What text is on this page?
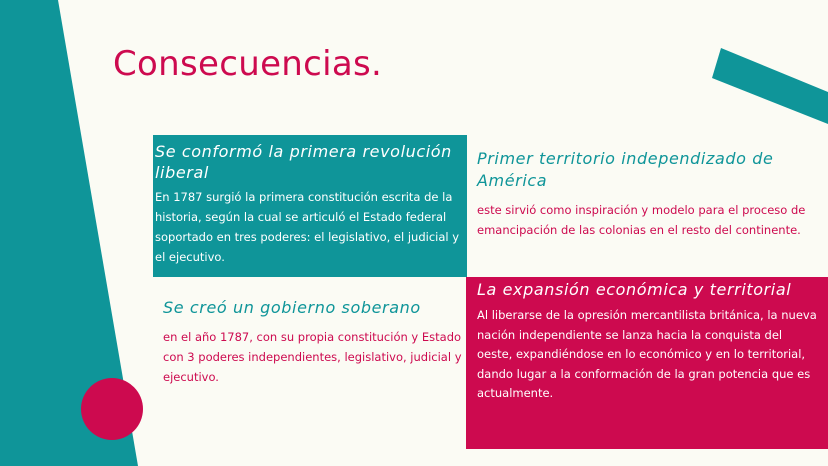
Consecuencias.
Se conformó la primera revolución liberal

En 1787 surgió la primera constitución escrita de la historia, según la cual se articuló el Estado federal soportado en tres poderes: el legislativo, el judicial y el ejecutivo.

Primer territorio independizado de América

este sirvió como inspiración y modelo para el proceso de emancipación de las colonias en el resto del continente.

Se creó un gobierno soberano

en el año 1787, con su propia constitución y Estado con 3 poderes independientes, legislativo, judicial y ejecutivo.

La expansión económica y territorial

Al liberarse de la opresión mercantilista británica, la nueva nación independiente se lanza hacia la conquista del oeste, expandiéndose en lo económico y en lo territorial, dando lugar a la conformación de la gran potencia que es actualmente.
